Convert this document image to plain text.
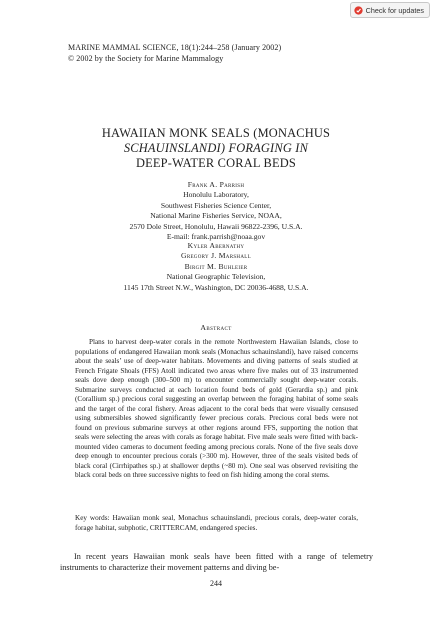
Check for updates
MARINE MAMMAL SCIENCE, 18(1):244–258 (January 2002)
© 2002 by the Society for Marine Mammalogy
HAWAIIAN MONK SEALS (MONACHUS
SCHAUINSLANDI) FORAGING IN
DEEP-WATER CORAL BEDS
Frank A. Parrish
Honolulu Laboratory,
Southwest Fisheries Science Center,
National Marine Fisheries Service, NOAA,
2570 Dole Street, Honolulu, Hawaii 96822-2396, U.S.A.
E-mail: frank.parrish@noaa.gov
Kyler Abernathy
Gregory J. Marshall
Birgit M. Buhleier
National Geographic Television,
1145 17th Street N.W., Washington, DC 20036-4688, U.S.A.
Abstract

Plans to harvest deep-water corals in the remote Northwestern Hawaiian Islands, close to populations of endangered Hawaiian monk seals (Monachus schauinslandi), have raised concerns about the seals’ use of deep-water habitats. Movements and diving patterns of seals studied at French Frigate Shoals (FFS) Atoll indicated two areas where five males out of 33 instrumented seals dove deep enough (300–500 m) to encounter commercially sought deep-water corals. Submarine surveys conducted at each location found beds of gold (Gerardia sp.) and pink (Corallium sp.) precious coral suggesting an overlap between the foraging habitat of some seals and the target of the coral fishery. Areas adjacent to the coral beds that were visually censused using submersibles showed significantly fewer precious corals. Precious coral beds were not found on previous submarine surveys at other regions around FFS, supporting the notion that seals were selecting the areas with corals as forage habitat. Five male seals were fitted with back-mounted video cameras to document feeding among precious corals. None of the five seals dove deep enough to encounter precious corals (>300 m). However, three of the seals visited beds of black coral (Cirrhipathes sp.) at shallower depths (~80 m). One seal was observed revisiting the black coral beds on three successive nights to feed on fish hiding among the coral stems.

Key words: Hawaiian monk seal, Monachus schauinslandi, precious corals, deep-water corals, forage habitat, subphotic, CRITTERCAM, endangered species.

In recent years Hawaiian monk seals have been fitted with a range of telemetry instruments to characterize their movement patterns and diving be-

244
